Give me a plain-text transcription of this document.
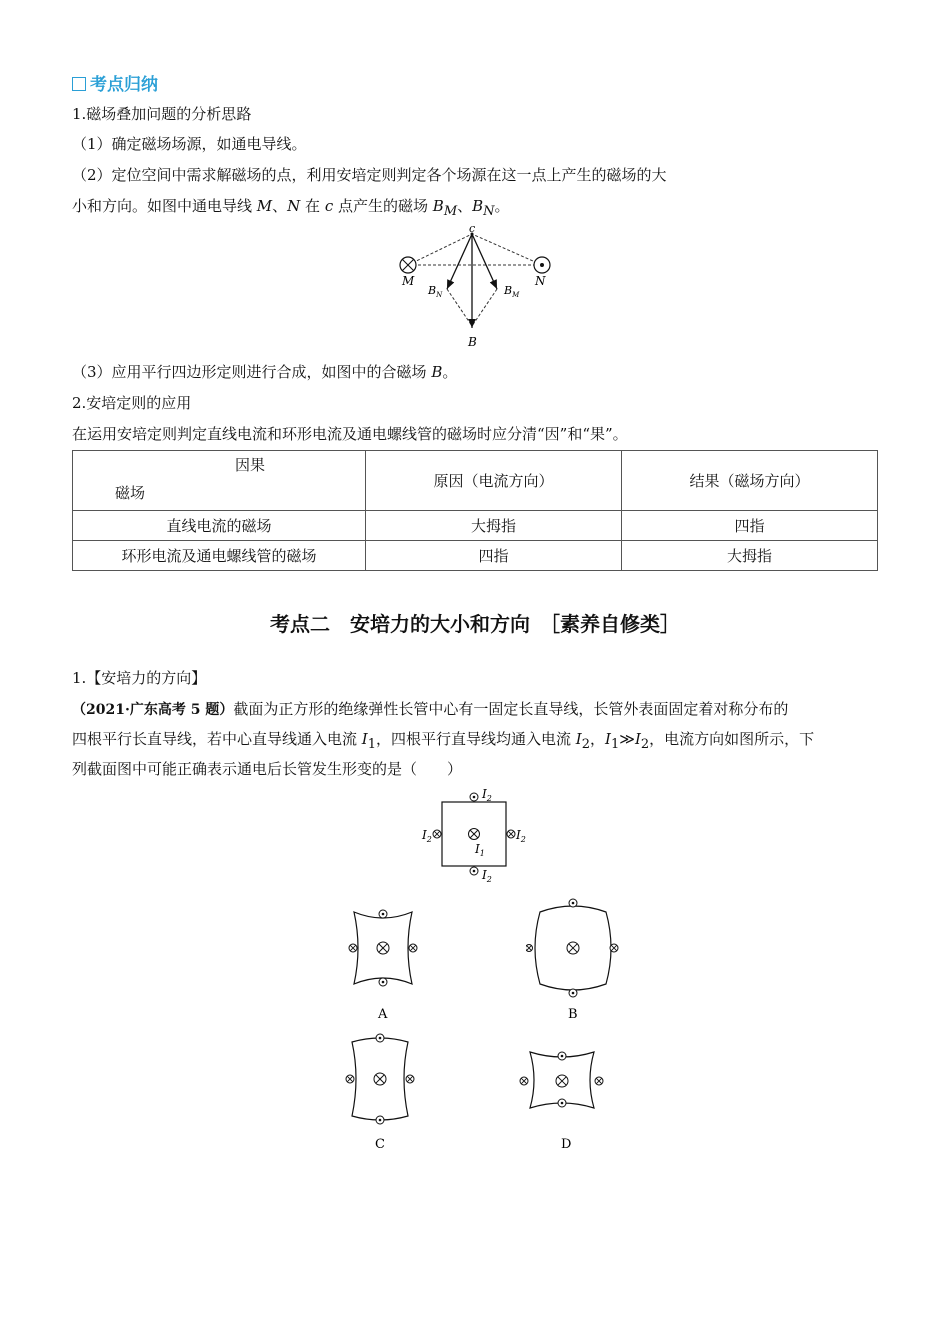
考点归纳
1.磁场叠加问题的分析思路
（1）确定磁场场源，如通电导线。
（2）定位空间中需求解磁场的点，利用安培定则判定各个场源在这一点上产生的磁场的大
小和方向。如图中通电导线 M、N 在 c 点产生的磁场 $B_M$、$B_N$。
c
M	N
$B_N$	$B_M$
B
（3）应用平行四边形定则进行合成，如图中的合磁场 B。
2.安培定则的应用
在运用安培定则判定直线电流和环形电流及通电螺线管的磁场时应分清“因”和“果”。
因果
磁场	原因（电流方向）	结果（磁场方向）
直线电流的磁场	大拇指	四指
环形电流及通电螺线管的磁场	四指	大拇指
考点二　安培力的大小和方向　［素养自修类］
1.【安培力的方向】
（2021·广东高考 5 题）截面为正方形的绝缘弹性长管中心有一固定长直导线，长管外表面固定着对称分布的
四根平行长直导线，若中心直导线通入电流 $I_1$，四根平行直导线均通入电流 $I_2$，$I_1≫I_2$，电流方向如图所示，下
列截面图中可能正确表示通电后长管发生形变的是（　　）
$I_2$
$I_2$
$I_2$	$I_2$
$I_1$
A	B
C	D
